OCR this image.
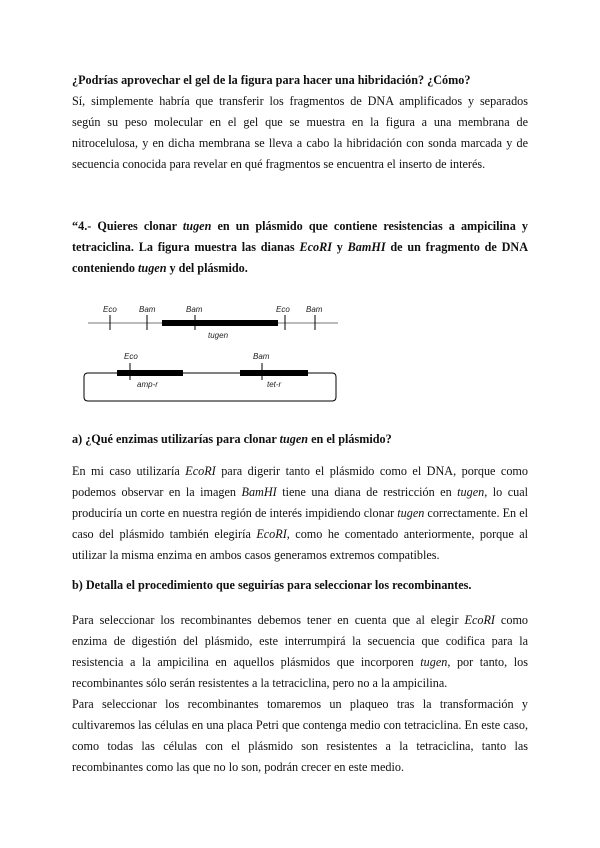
¿Podrías aprovechar el gel de la figura para hacer una hibridación? ¿Cómo?

Sí, simplemente habría que transferir los fragmentos de DNA amplificados y separados según su peso molecular en el gel que se muestra en la figura a una membrana de nitrocelulosa, y en dicha membrana se lleva a cabo la hibridación con sonda marcada y de secuencia conocida para revelar en qué fragmentos se encuentra el inserto de interés.

“4.- Quieres clonar tugen en un plásmido que contiene resistencias a ampicilina y tetraciclina. La figura muestra las dianas EcoRI y BamHI de un fragmento de DNA conteniendo tugen y del plásmido.

Eco	Bam	Bam	Eco Bam
tugen
Eco	Bam
amp-r	tet-r

a) ¿Qué enzimas utilizarías para clonar tugen en el plásmido?

En mi caso utilizaría EcoRI para digerir tanto el plásmido como el DNA, porque como podemos observar en la imagen BamHI tiene una diana de restricción en tugen, lo cual produciría un corte en nuestra región de interés impidiendo clonar tugen correctamente. En el caso del plásmido también elegiría EcoRI, como he comentado anteriormente, porque al utilizar la misma enzima en ambos casos generamos extremos compatibles.

b) Detalla el procedimiento que seguirías para seleccionar los recombinantes.

Para seleccionar los recombinantes debemos tener en cuenta que al elegir EcoRI como enzima de digestión del plásmido, este interrumpirá la secuencia que codifica para la resistencia a la ampicilina en aquellos plásmidos que incorporen tugen, por tanto, los recombinantes sólo serán resistentes a la tetraciclina, pero no a la ampicilina.

Para seleccionar los recombinantes tomaremos un plaqueo tras la transformación y cultivaremos las células en una placa Petri que contenga medio con tetraciclina. En este caso, como todas las células con el plásmido son resistentes a la tetraciclina, tanto las recombinantes como las que no lo son, podrán crecer en este medio.
